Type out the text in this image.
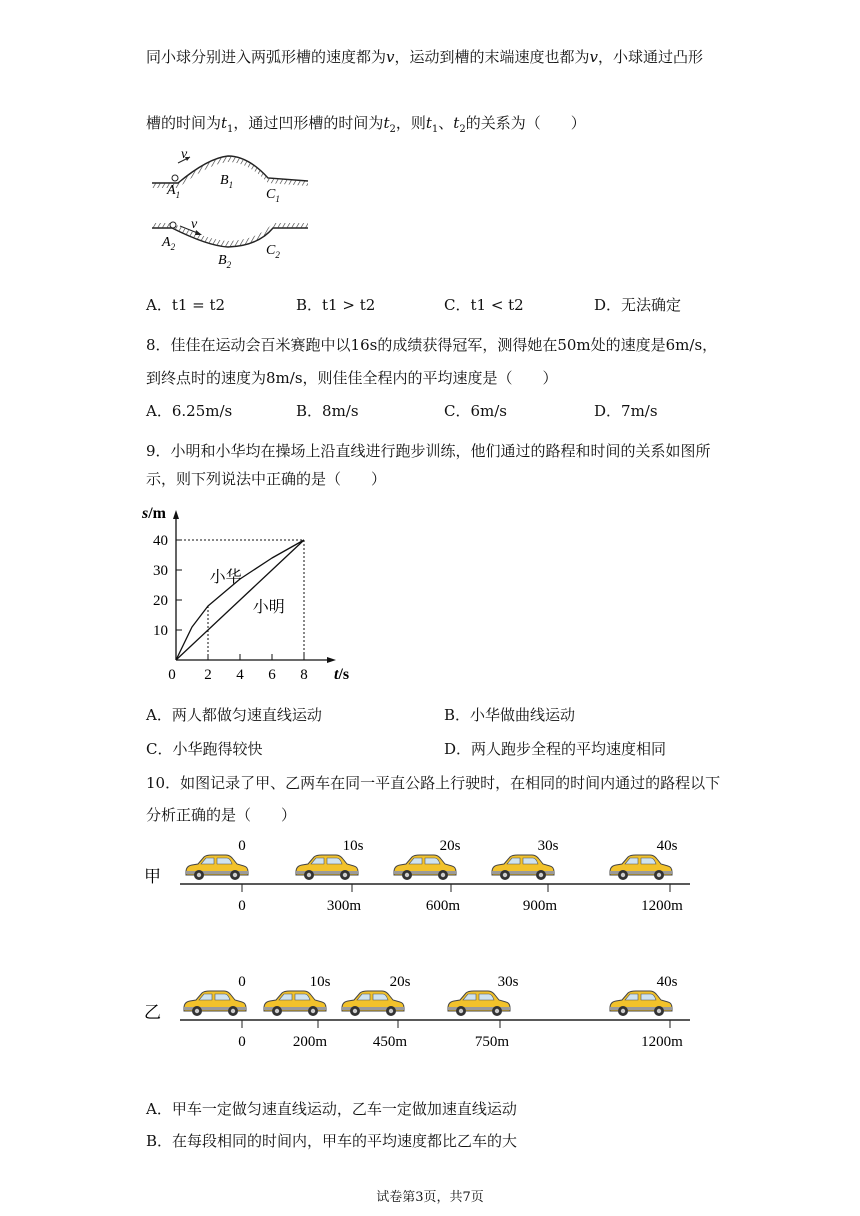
同小球分别进入两弧形槽的速度都为v，运动到槽的末端速度也都为v，小球通过凸形
槽的时间为$t_1$，通过凹形槽的时间为$t_2$，则$t_1$、$t_2$的关系为（　　）
v
$A_1$
$B_1$
$C_1$
v
$A_2$
$B_2$
$C_2$
A．t1 = t2	B．t1 > t2	C．t1 < t2	D．无法确定
8．佳佳在运动会百米赛跑中以16s的成绩获得冠军，测得她在50m处的速度是6m/s，
到终点时的速度为8m/s，则佳佳全程内的平均速度是（　　）
A．6.25m/s	B．8m/s	C．6m/s	D．7m/s
9．小明和小华均在操场上沿直线进行跑步训练，他们通过的路程和时间的关系如图所
示，则下列说法中正确的是（　　）
0 2 4 6 8
10
20
30
40
s/m
t/s
小华
小明
A．两人都做匀速直线运动	B．小华做曲线运动
C．小华跑得较快	D．两人跑步全程的平均速度相同
10．如图记录了甲、乙两车在同一平直公路上行驶时，在相同的时间内通过的路程以下
分析正确的是（　　）
甲
0	10s	20s	30s	40s
0	300m	600m	900m	1200m
乙
0	10s	20s	30s	40s
0	200m	450m	750m	1200m
A．甲车一定做匀速直线运动，乙车一定做加速直线运动
B．在每段相同的时间内，甲车的平均速度都比乙车的大
试卷第3页，共7页
